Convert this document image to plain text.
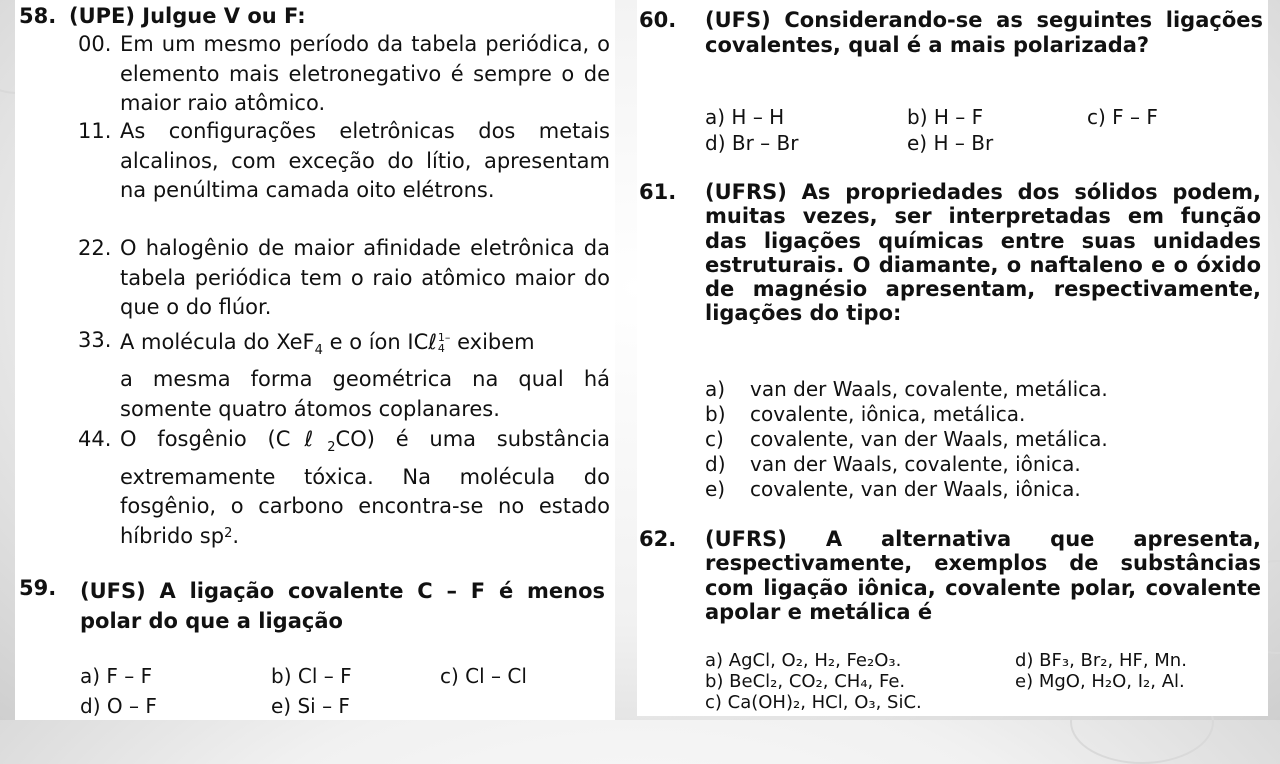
58. (UPE) Julgue V ou F:
00. Em um mesmo período da tabela periódica, o elemento mais eletronegativo é sempre o de maior raio atômico.
11. As configurações eletrônicas dos metais alcalinos, com exceção do lítio, apresentam na penúltima camada oito elétrons.
22. O halogênio de maior afinidade eletrônica da tabela periódica tem o raio atômico maior do que o do flúor.
33. A molécula do XeF$_4$ e o íon ICℓ1–
4 exibem
a mesma forma geométrica na qual há somente quatro átomos coplanares.
44. O fosgênio (Cℓ$_2$CO) é uma substância extremamente tóxica. Na molécula do fosgênio, o carbono encontra-se no estado híbrido $sp^2$.
59. (UFS) A ligação covalente C – F é menos polar do que a ligação
a) F – F	b) Cl – F	c) Cl – Cl
d) O – F	e) Si – F
60. (UFS) Considerando-se as seguintes ligações covalentes, qual é a mais polarizada?
a) H – H	b) H – F	c) F – F
d) Br – Br	e) H – Br
61. (UFRS) As propriedades dos sólidos podem, muitas vezes, ser interpretadas em função das ligações químicas entre suas unidades estruturais. O diamante, o naftaleno e o óxido de magnésio apresentam, respectivamente, ligações do tipo:
a) van der Waals, covalente, metálica.
b) covalente, iônica, metálica.
c) covalente, van der Waals, metálica.
d) van der Waals, covalente, iônica.
e) covalente, van der Waals, iônica.
62. (UFRS) A alternativa que apresenta, respectivamente, exemplos de substâncias com ligação iônica, covalente polar, covalente apolar e metálica é
a) AgCl, O₂, H₂, Fe₂O₃.
b) BeCl₂, CO₂, CH₄, Fe.
c) Ca(OH)₂, HCl, O₃, SiC.
d) BF₃, Br₂, HF, Mn.
e) MgO, H₂O, I₂, Al.
